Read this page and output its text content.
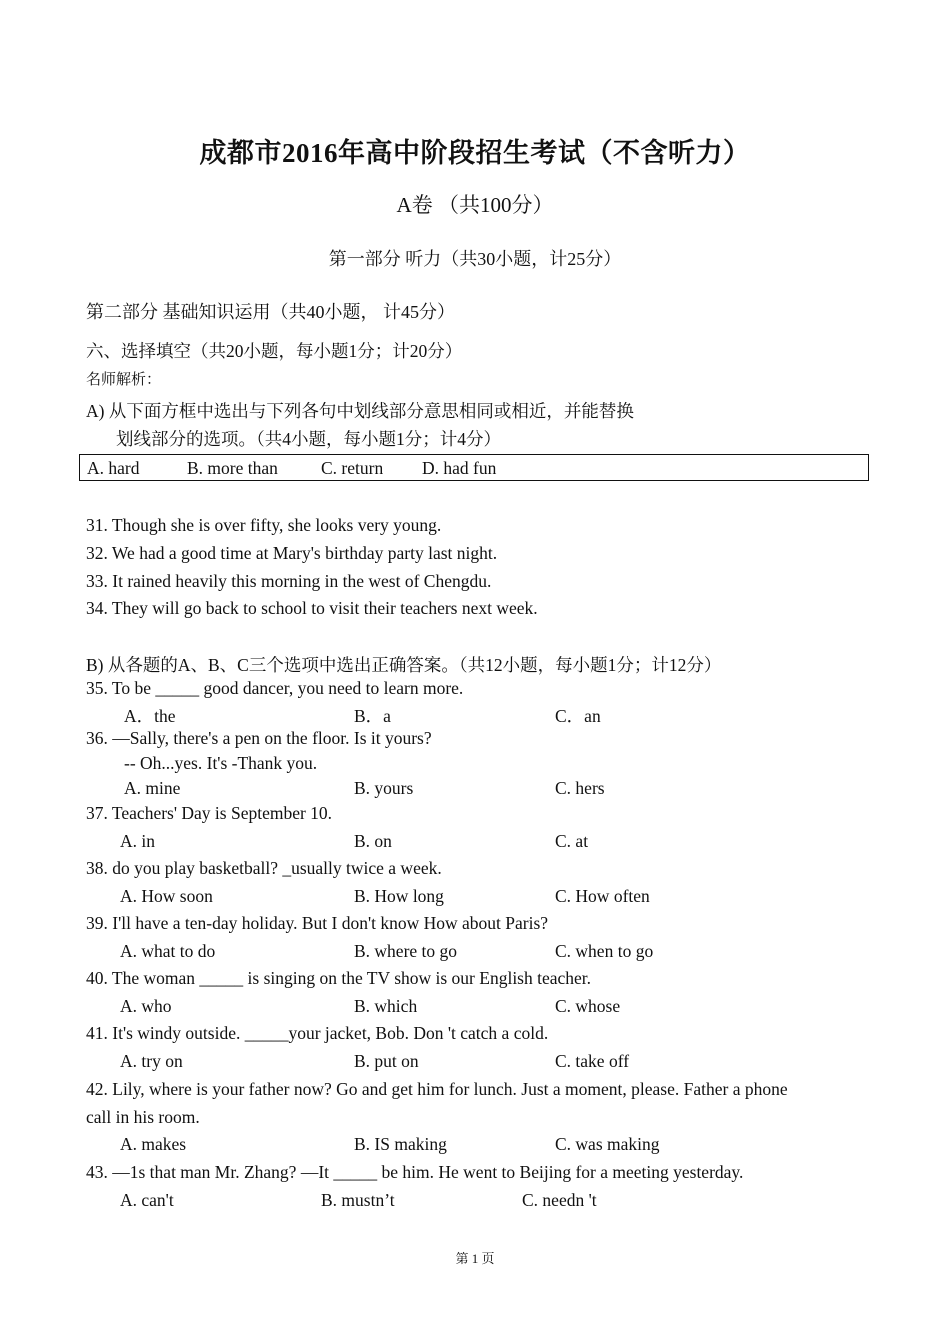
成都市2016年高中阶段招生考试（不含听力）
A卷 （共100分）
第一部分 听力（共30小题，计25分）
第二部分 基础知识运用（共40小题， 计45分）
六、选择填空（共20小题，每小题1分；计20分）
名师解析：
A) 从下面方框中选出与下列各句中划线部分意思相同或相近，并能替换
划线部分的选项。（共4小题，每小题1分；计4分）
A. hard	B. more than C. return D. had fun
31. Though she is over fifty, she looks very young.
32. We had a good time at Mary's birthday party last night.
33. It rained heavily this morning in the west of Chengdu.
34. They will go back to school to visit their teachers next week.
B) 从各题的A、B、C三个选项中选出正确答案。（共12小题，每小题1分；计12分）
35. To be _____ good dancer, you need to learn more.
A．the	B．a	C．an
36. —Sally, there's a pen on the floor. Is it yours?
-- Oh...yes. It's -Thank you.
A. mine	B. yours	C. hers
37. Teachers' Day is September 10.
A. in	B. on	C. at
38. do you play basketball? _usually twice a week.
A. How soon	B. How long	C. How often
39. I'll have a ten-day holiday. But I don't know How about Paris?
A. what to do	B. where to go	C. when to go
40. The woman _____ is singing on the TV show is our English teacher.
A. who	B. which	C. whose
41. It's windy outside. _____your jacket, Bob. Don 't catch a cold.
A. try on	B. put on	C. take off
42. Lily, where is your father now? Go and get him for lunch. Just a moment, please. Father a phone
call in his room.
A. makes	B. IS making	C. was making
43. —1s that man Mr. Zhang? —It _____ be him. He went to Beijing for a meeting yesterday.
A. can't	B. mustn’t	C. needn 't
第 1 页
